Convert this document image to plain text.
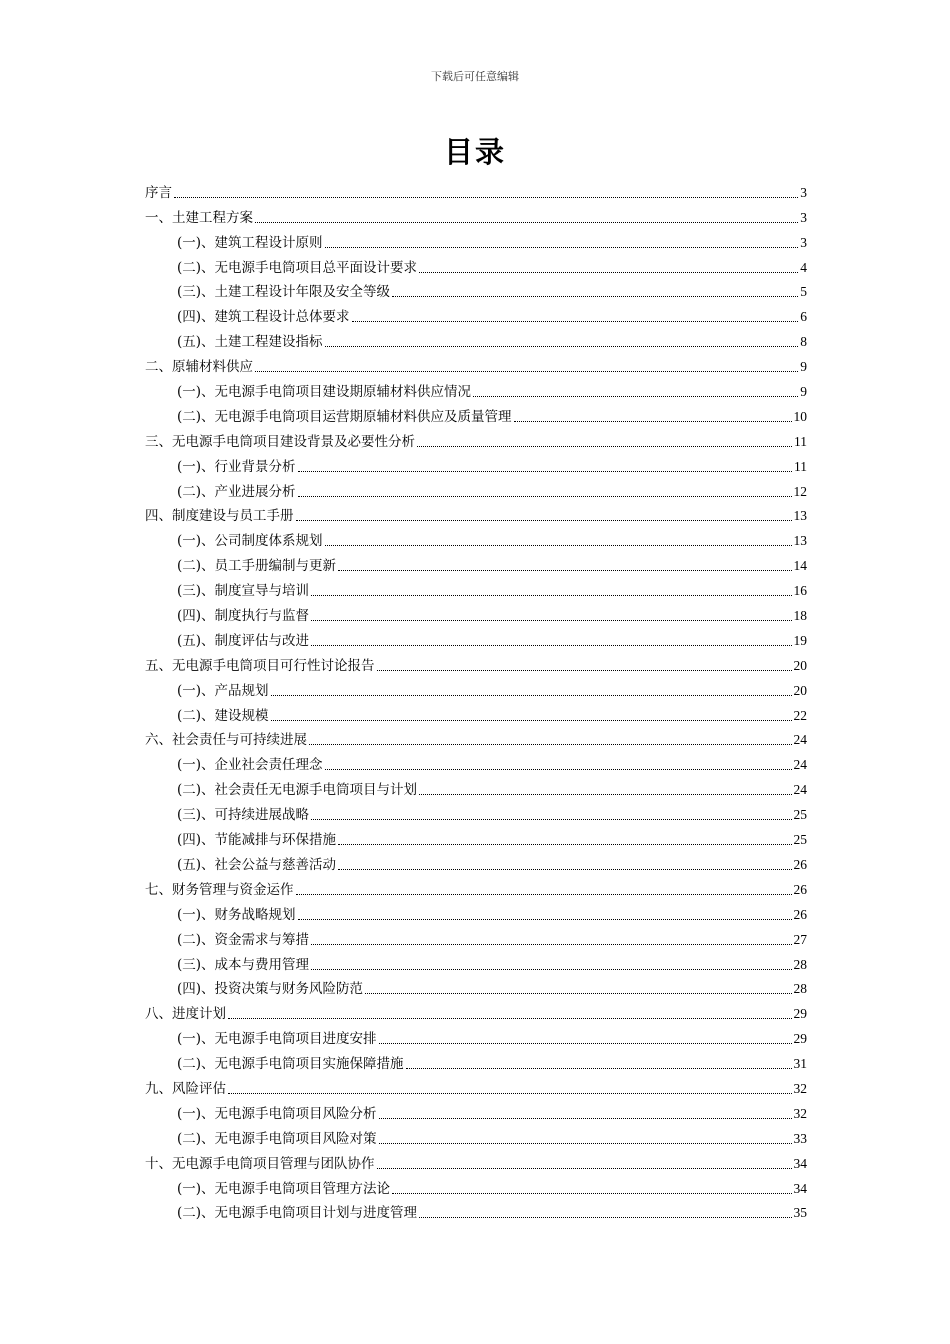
下载后可任意编辑
目录
序言	3
一、土建工程方案	3
(一)、建筑工程设计原则	3
(二)、无电源手电筒项目总平面设计要求	4
(三)、土建工程设计年限及安全等级	5
(四)、建筑工程设计总体要求	6
(五)、土建工程建设指标	8
二、原辅材料供应	9
(一)、无电源手电筒项目建设期原辅材料供应情况	9
(二)、无电源手电筒项目运营期原辅材料供应及质量管理	10
三、无电源手电筒项目建设背景及必要性分析	11
(一)、行业背景分析	11
(二)、产业进展分析	12
四、制度建设与员工手册	13
(一)、公司制度体系规划	13
(二)、员工手册编制与更新	14
(三)、制度宣导与培训	16
(四)、制度执行与监督	18
(五)、制度评估与改进	19
五、无电源手电筒项目可行性讨论报告	20
(一)、产品规划	20
(二)、建设规模	22
六、社会责任与可持续进展	24
(一)、企业社会责任理念	24
(二)、社会责任无电源手电筒项目与计划	24
(三)、可持续进展战略	25
(四)、节能减排与环保措施	25
(五)、社会公益与慈善活动	26
七、财务管理与资金运作	26
(一)、财务战略规划	26
(二)、资金需求与筹措	27
(三)、成本与费用管理	28
(四)、投资决策与财务风险防范	28
八、进度计划	29
(一)、无电源手电筒项目进度安排	29
(二)、无电源手电筒项目实施保障措施	31
九、风险评估	32
(一)、无电源手电筒项目风险分析	32
(二)、无电源手电筒项目风险对策	33
十、无电源手电筒项目管理与团队协作	34
(一)、无电源手电筒项目管理方法论	34
(二)、无电源手电筒项目计划与进度管理	35
